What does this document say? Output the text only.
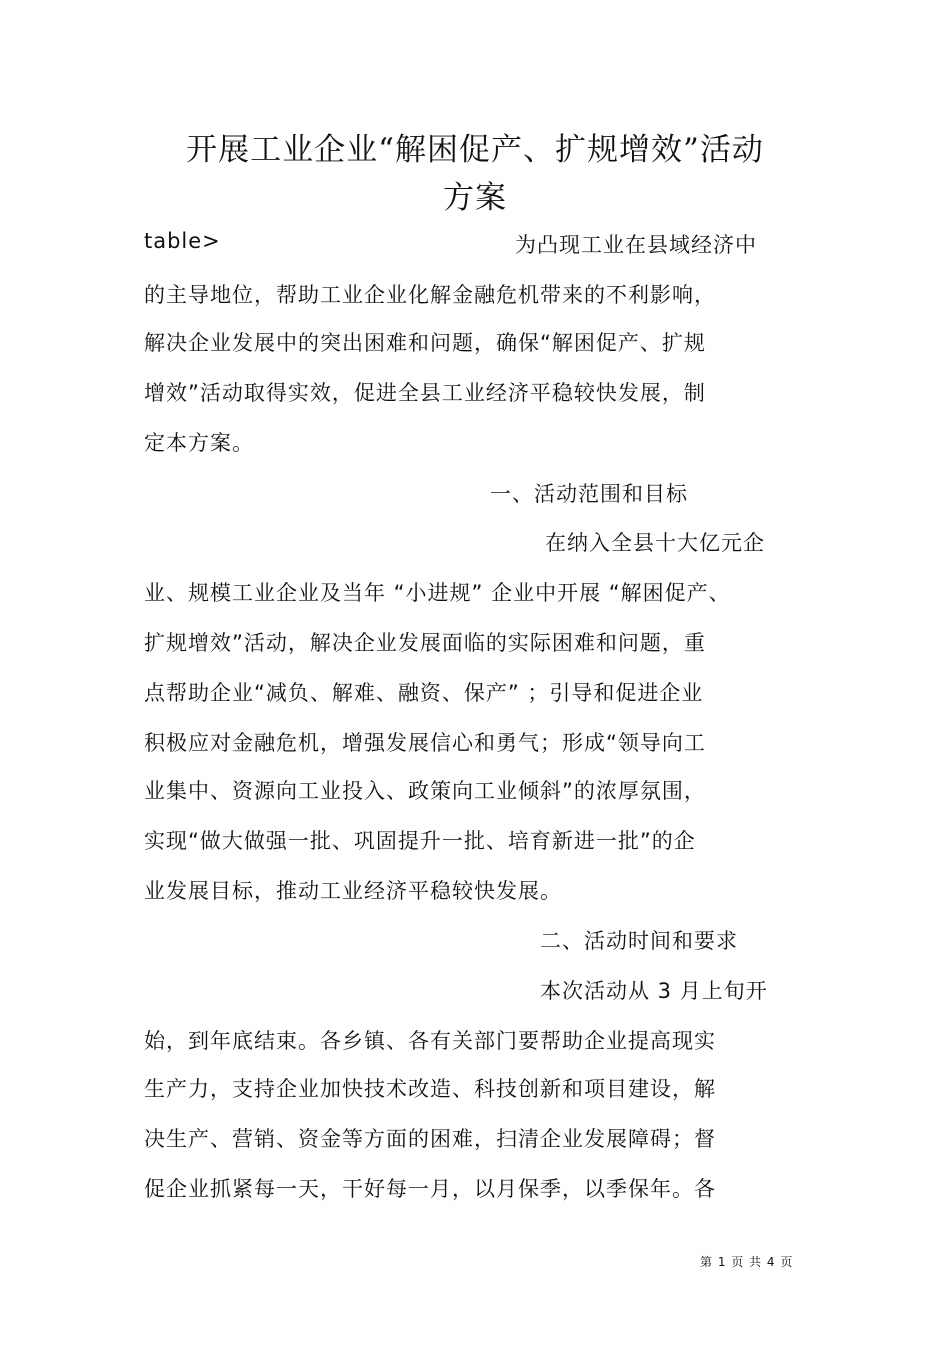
开展工业企业“解困促产、扩规增效”活动
方案
table>	为凸现工业在县域经济中
的主导地位，帮助工业企业化解金融危机带来的不利影响，
解决企业发展中的突出困难和问题，确保“解困促产、扩规
增效”活动取得实效，促进全县工业经济平稳较快发展，制
定本方案。
一、活动范围和目标
在纳入全县十大亿元企
业、规模工业企业及当年 “小进规” 企业中开展 “解困促产、
扩规增效”活动，解决企业发展面临的实际困难和问题，重
点帮助企业“减负、解难、融资、保产” ；引导和促进企业
积极应对金融危机，增强发展信心和勇气；形成“领导向工
业集中、资源向工业投入、政策向工业倾斜”的浓厚氛围，
实现“做大做强一批、巩固提升一批、培育新进一批”的企
业发展目标，推动工业经济平稳较快发展。
二、活动时间和要求
本次活动从 3 月上旬开
始，到年底结束。各乡镇、各有关部门要帮助企业提高现实
生产力，支持企业加快技术改造、科技创新和项目建设，解
决生产、营销、资金等方面的困难，扫清企业发展障碍；督
促企业抓紧每一天，干好每一月，以月保季，以季保年。各
第 1 页 共 4 页
